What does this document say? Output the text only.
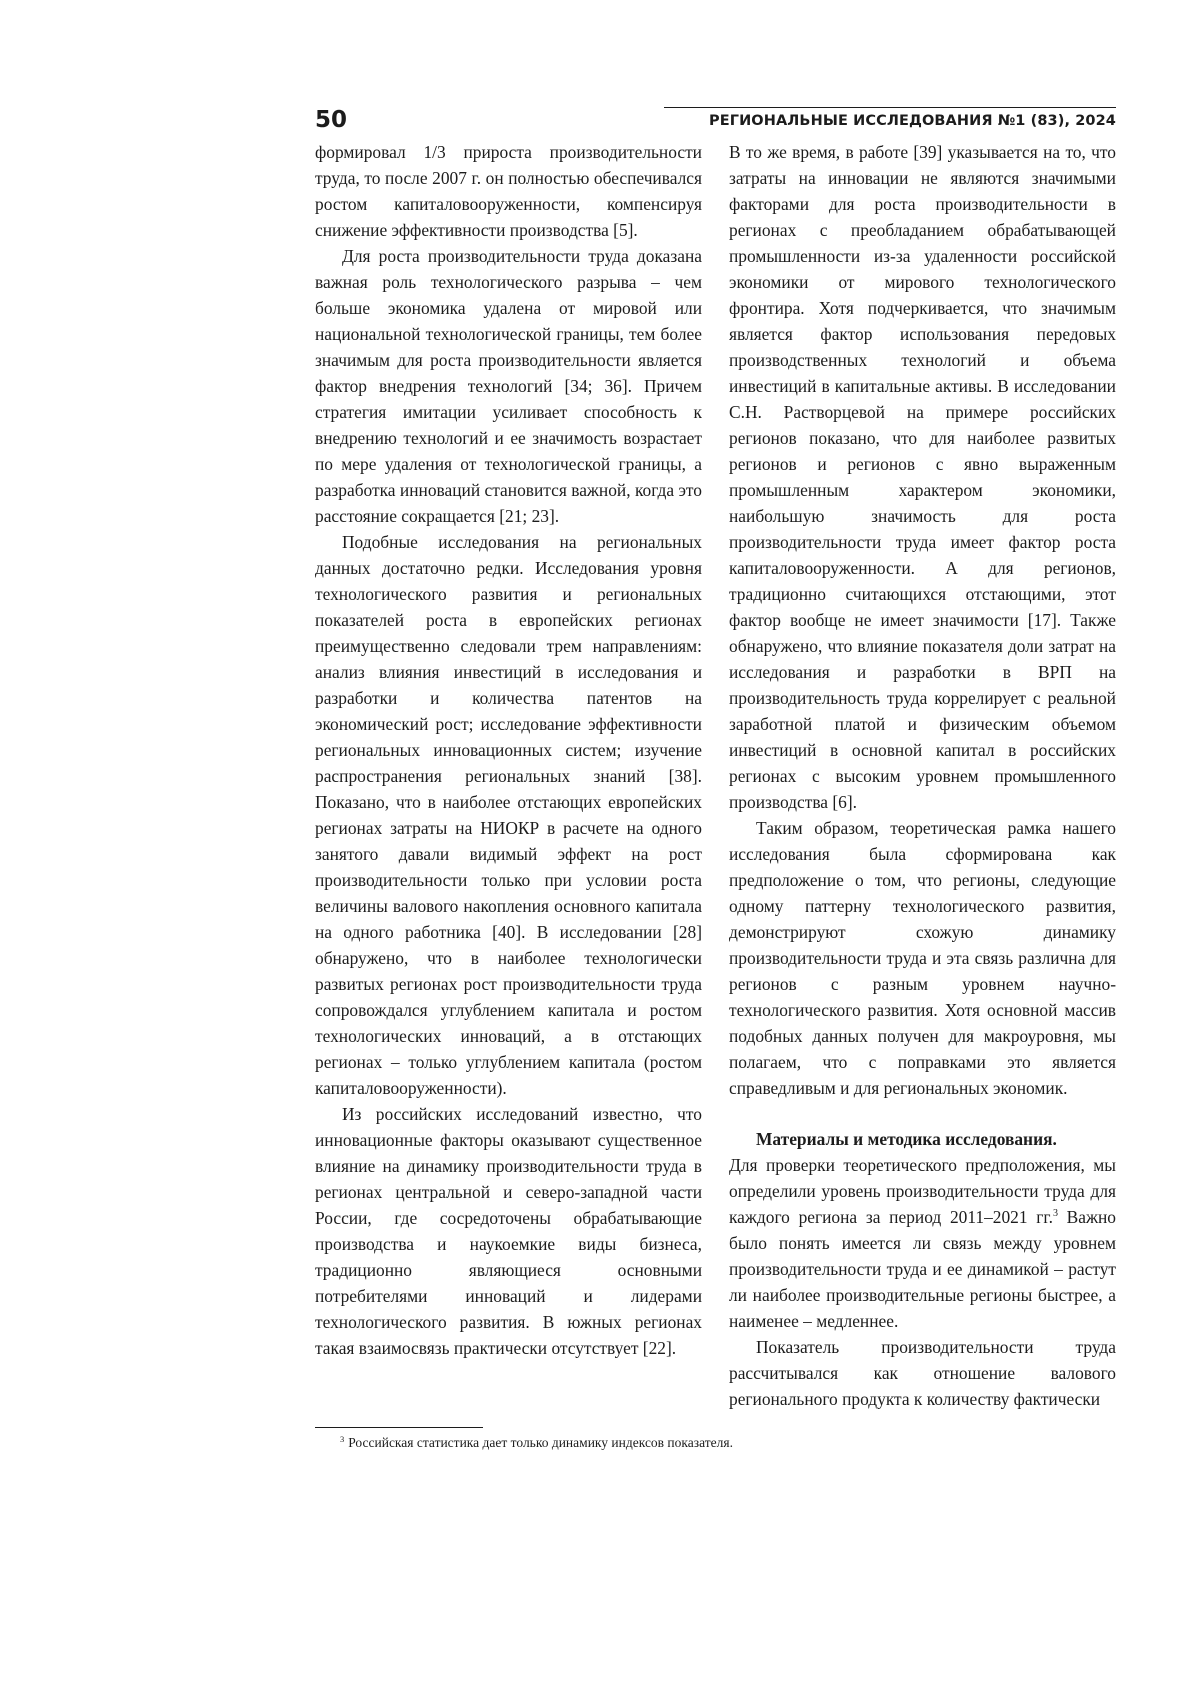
50	РЕГИОНАЛЬНЫЕ ИССЛЕДОВАНИЯ №1 (83), 2024

формировал 1/3 прироста производительности труда, то после 2007 г. он полностью обеспечивался ростом капиталовооруженности, компенсируя снижение эффективности производства [5].

Для роста производительности труда доказана важная роль технологического разрыва – чем больше экономика удалена от мировой или национальной технологической границы, тем более значимым для роста производительности является фактор внедрения технологий [34; 36]. Причем стратегия имитации усиливает способность к внедрению технологий и ее значимость возрастает по мере удаления от технологической границы, а разработка инноваций становится важной, когда это расстояние сокращается [21; 23].

Подобные исследования на региональных данных достаточно редки. Исследования уровня технологического развития и региональных показателей роста в европейских регионах преимущественно следовали трем направлениям: анализ влияния инвестиций в исследования и разработки и количества патентов на экономический рост; исследование эффективности региональных инновационных систем; изучение распространения региональных знаний [38]. Показано, что в наиболее отстающих европейских регионах затраты на НИОКР в расчете на одного занятого давали видимый эффект на рост производительности только при условии роста величины валового накопления основного капитала на одного работника [40]. В исследовании [28] обнаружено, что в наиболее технологически развитых регионах рост производительности труда сопровождался углублением капитала и ростом технологических инноваций, а в отстающих регионах – только углублением капитала (ростом капиталовооруженности).

Из российских исследований известно, что инновационные факторы оказывают существенное влияние на динамику производительности труда в регионах центральной и северо-западной части России, где сосредоточены обрабатывающие производства и наукоемкие виды бизнеса, традиционно являющиеся основными потребителями инноваций и лидерами технологического развития. В южных регионах такая взаимосвязь практически отсутствует [22].

В то же время, в работе [39] указывается на то, что затраты на инновации не являются значимыми факторами для роста производительности в регионах с преобладанием обрабатывающей промышленности из-за удаленности российской экономики от мирового технологического фронтира. Хотя подчеркивается, что значимым является фактор использования передовых производственных технологий и объема инвестиций в капитальные активы. В исследовании С.Н. Растворцевой на примере российских регионов показано, что для наиболее развитых регионов и регионов с явно выраженным промышленным характером экономики, наибольшую значимость для роста производительности труда имеет фактор роста капиталовооруженности. А для регионов, традиционно считающихся отстающими, этот фактор вообще не имеет значимости [17]. Также обнаружено, что влияние показателя доли затрат на исследования и разработки в ВРП на производительность труда коррелирует с реальной заработной платой и физическим объемом инвестиций в основной капитал в российских регионах с высоким уровнем промышленного производства [6].

Таким образом, теоретическая рамка нашего исследования была сформирована как предположение о том, что регионы, следующие одному паттерну технологического развития, демонстрируют схожую динамику производительности труда и эта связь различна для регионов с разным уровнем научно-технологического развития. Хотя основной массив подобных данных получен для макроуровня, мы полагаем, что с поправками это является справедливым и для региональных экономик.

Материалы и методика исследования.

Для проверки теоретического предположения, мы определили уровень производительности труда для каждого региона за период 2011–2021 гг.$^3$ Важно было понять имеется ли связь между уровнем производительности труда и ее динамикой – растут ли наиболее производительные регионы быстрее, а наименее – медленнее.

Показатель производительности труда рассчитывался как отношение валового регионального продукта к количеству фактически

$^3$ Российская статистика дает только динамику индексов показателя.
